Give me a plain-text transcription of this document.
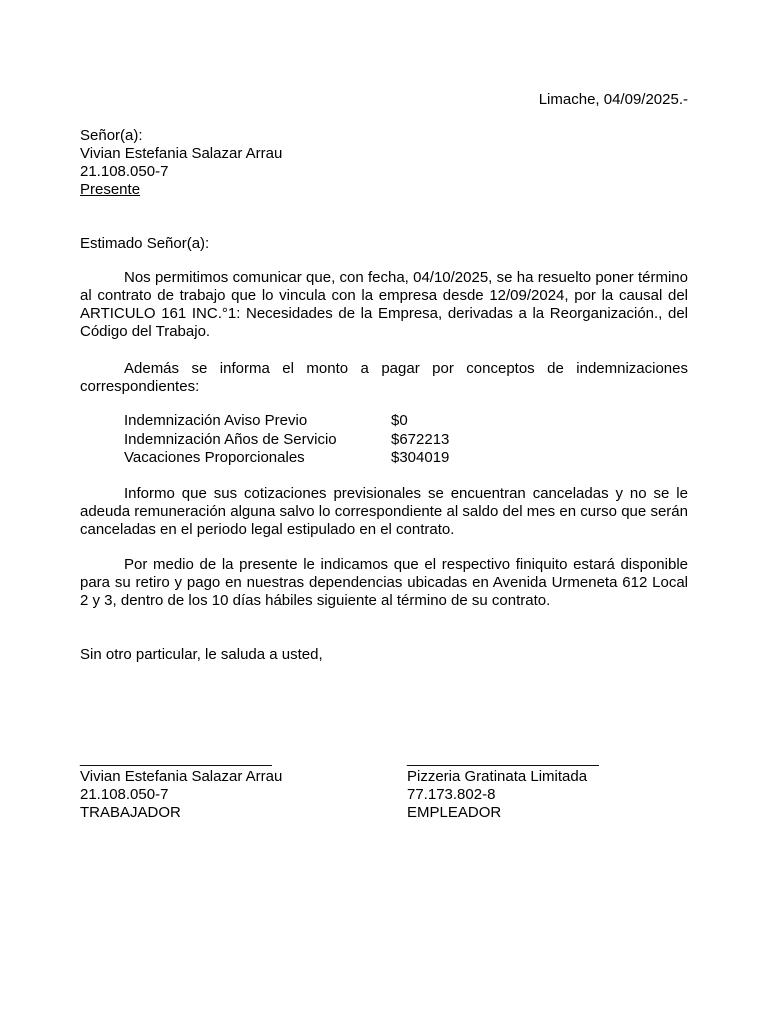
Limache, 04/09/2025.-
Señor(a):
Vivian Estefania Salazar Arrau
21.108.050-7
Presente
Estimado Señor(a):
Nos permitimos comunicar que, con fecha, 04/10/2025, se ha resuelto poner término al contrato de trabajo que lo vincula con la empresa desde 12/09/2024, por la causal del ARTICULO 161 INC.°1: Necesidades de la Empresa, derivadas a la Reorganización., del Código del Trabajo.
Además se informa el monto a pagar por conceptos de indemnizaciones correspondientes:
Indemnización Aviso Previo	$0
Indemnización Años de Servicio	$672213
Vacaciones Proporcionales	$304019
Informo que sus cotizaciones previsionales se encuentran canceladas y no se le adeuda remuneración alguna salvo lo correspondiente al saldo del mes en curso que serán canceladas en el periodo legal estipulado en el contrato.
Por medio de la presente le indicamos que el respectivo finiquito estará disponible para su retiro y pago en nuestras dependencias ubicadas en Avenida Urmeneta 612 Local 2 y 3, dentro de los 10 días hábiles siguiente al término de su contrato.
Sin otro particular, le saluda a usted,
_______________________
Vivian Estefania Salazar Arrau
21.108.050-7
TRABAJADOR
_______________________
Pizzeria Gratinata Limitada
77.173.802-8
EMPLEADOR
